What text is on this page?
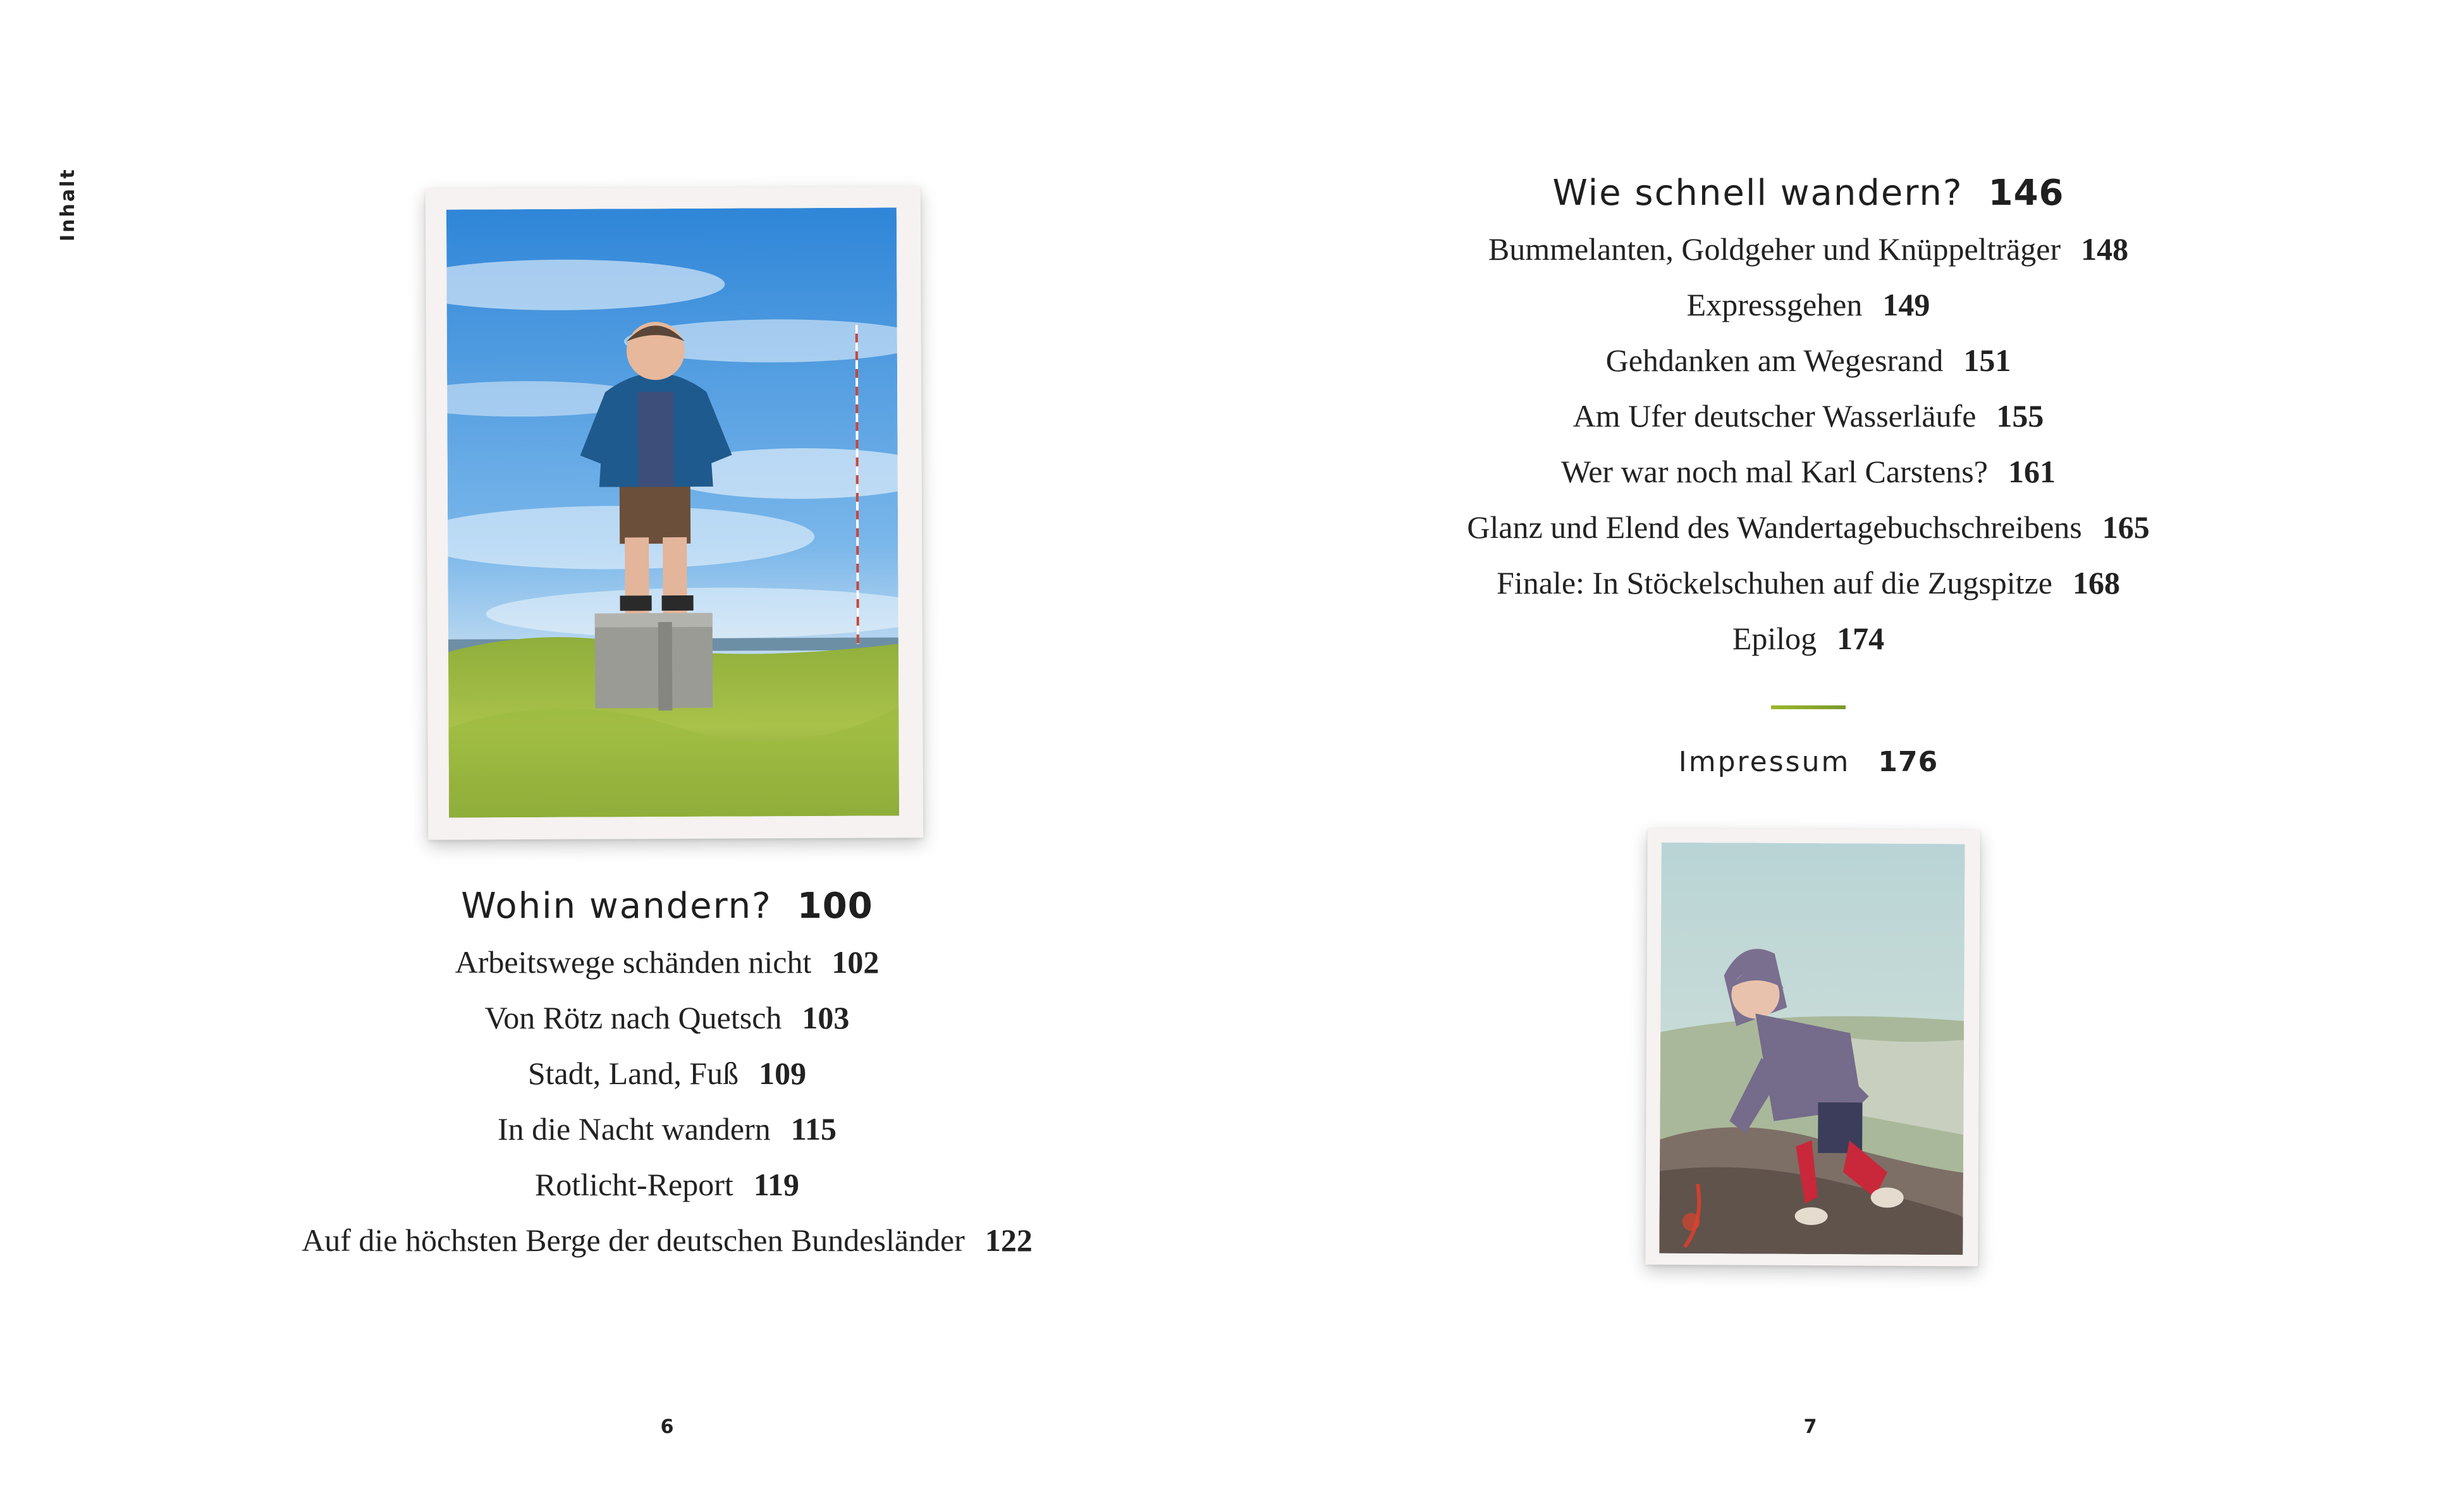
Inhalt
Wohin wandern? 100
Arbeitswege schänden nicht 102
Von Rötz nach Quetsch 103
Stadt, Land, Fuß 109
In die Nacht wandern 115
Rotlicht-Report 119
Auf die höchsten Berge der deutschen Bundesländer 122
6
Wie schnell wandern? 146
Bummelanten, Goldgeher und Knüppelträger 148
Expressgehen 149
Gehdanken am Wegesrand 151
Am Ufer deutscher Wasserläufe 155
Wer war noch mal Karl Carstens? 161
Glanz und Elend des Wandertagebuchschreibens 165
Finale: In Stöckelschuhen auf die Zugspitze 168
Epilog 174
Impressum 176
7
